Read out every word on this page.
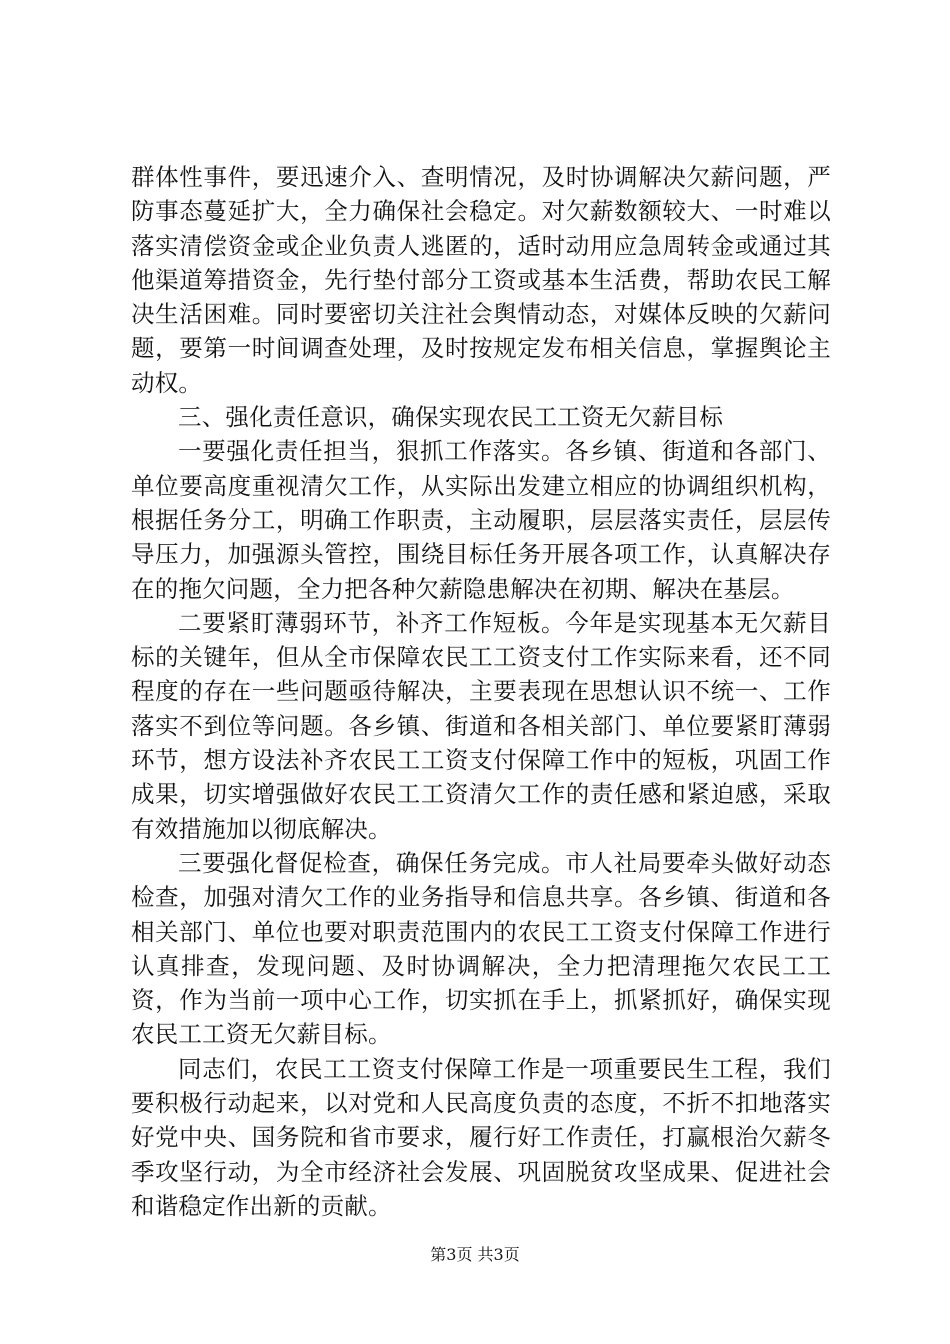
群体性事件，要迅速介入、查明情况，及时协调解决欠薪问题，严防事态蔓延扩大，全力确保社会稳定。对欠薪数额较大、一时难以落实清偿资金或企业负责人逃匿的，适时动用应急周转金或通过其他渠道筹措资金，先行垫付部分工资或基本生活费，帮助农民工解决生活困难。同时要密切关注社会舆情动态，对媒体反映的欠薪问题，要第一时间调查处理，及时按规定发布相关信息，掌握舆论主动权。

三、强化责任意识，确保实现农民工工资无欠薪目标

一要强化责任担当，狠抓工作落实。各乡镇、街道和各部门、单位要高度重视清欠工作，从实际出发建立相应的协调组织机构，根据任务分工，明确工作职责，主动履职，层层落实责任，层层传导压力，加强源头管控，围绕目标任务开展各项工作，认真解决存在的拖欠问题，全力把各种欠薪隐患解决在初期、解决在基层。

二要紧盯薄弱环节，补齐工作短板。今年是实现基本无欠薪目标的关键年，但从全市保障农民工工资支付工作实际来看，还不同程度的存在一些问题亟待解决，主要表现在思想认识不统一、工作落实不到位等问题。各乡镇、街道和各相关部门、单位要紧盯薄弱环节，想方设法补齐农民工工资支付保障工作中的短板，巩固工作成果，切实增强做好农民工工资清欠工作的责任感和紧迫感，采取有效措施加以彻底解决。

三要强化督促检查，确保任务完成。市人社局要牵头做好动态检查，加强对清欠工作的业务指导和信息共享。各乡镇、街道和各相关部门、单位也要对职责范围内的农民工工资支付保障工作进行认真排查，发现问题、及时协调解决，全力把清理拖欠农民工工资，作为当前一项中心工作，切实抓在手上，抓紧抓好，确保实现农民工工资无欠薪目标。

同志们，农民工工资支付保障工作是一项重要民生工程，我们要积极行动起来，以对党和人民高度负责的态度，不折不扣地落实好党中央、国务院和省市要求，履行好工作责任，打赢根治欠薪冬季攻坚行动，为全市经济社会发展、巩固脱贫攻坚成果、促进社会和谐稳定作出新的贡献。

第3页 共3页
